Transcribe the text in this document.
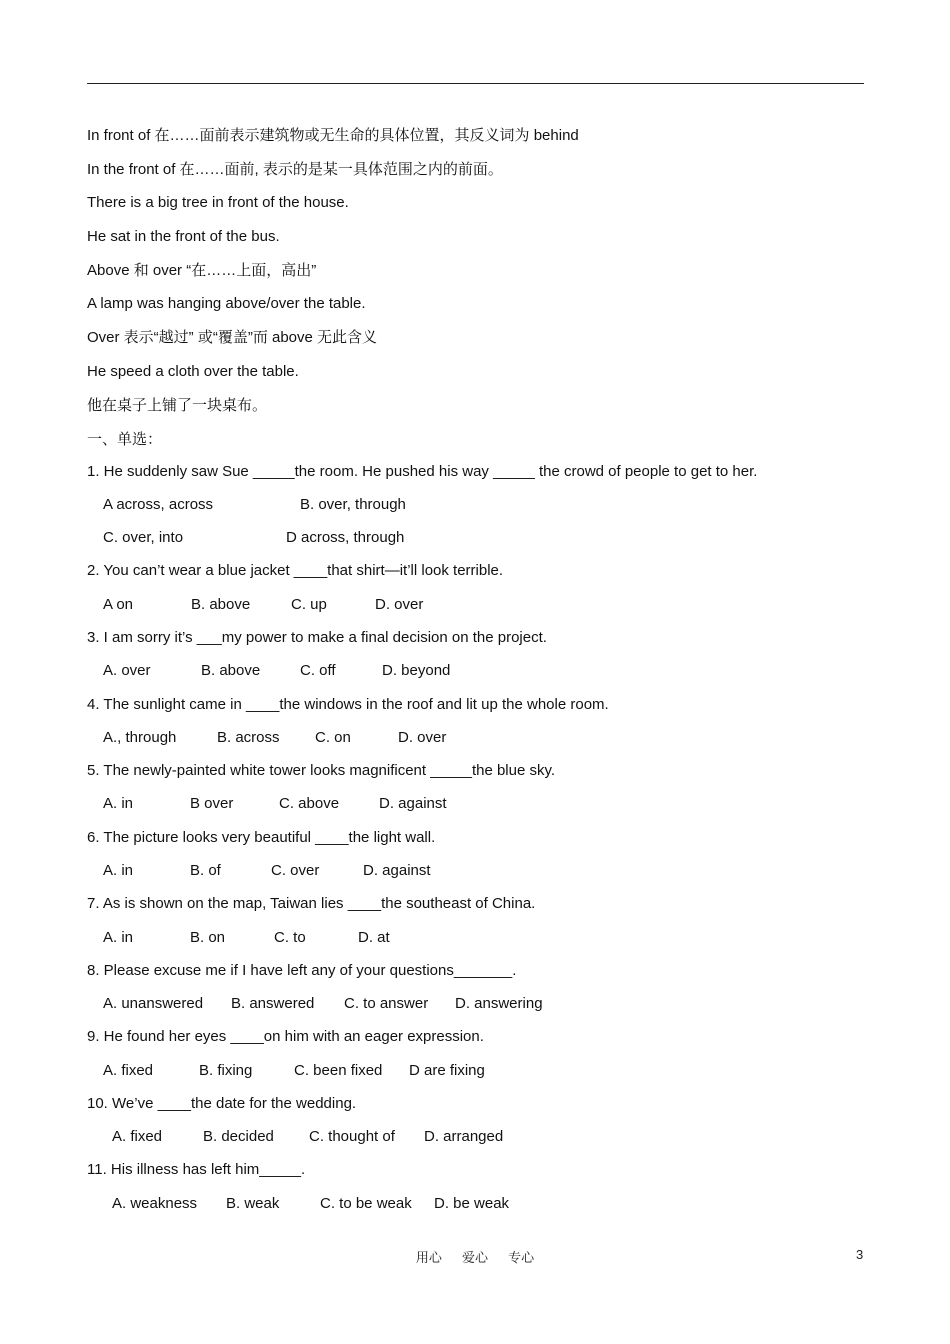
In front of 在……面前表示建筑物或无生命的具体位置，其反义词为 behind
In the front of 在……面前, 表示的是某一具体范围之内的前面。
There is a big tree in front of the house.
He sat in the front of the bus.
Above 和 over “在……上面，高出”
A lamp was hanging above/over the table.
Over 表示“越过” 或“覆盖”而 above 无此含义
He speed a cloth over the table.
他在桌子上铺了一块桌布。
一、单选：
1. He suddenly saw Sue _____the room. He pushed his way _____ the crowd of people to get to her.
A across, across	B. over, through
C. over, into	D across, through
2. You can’t wear a blue jacket ____that shirt—it’ll look terrible.
A on	B. above	C. up	D. over
3. I am sorry it’s ___my power to make a final decision on the project.
A. over	B. above	C. off	D. beyond
4. The sunlight came in ____the windows in the roof and lit up the whole room.
A., through	B. across C. on	D. over
5. The newly-painted white tower looks magnificent _____the blue sky.
A. in	B over	C. above	D. against
6. The picture looks very beautiful ____the light wall.
A. in	B. of	C. over	D. against
7. As is shown on the map, Taiwan lies ____the southeast of China.
A. in	B. on	C. to	D. at
8. Please excuse me if I have left any of your questions_______.
A. unanswered B. answered C. to answer D. answering
9. He found her eyes ____on him with an eager expression.
A. fixed	B. fixing	C. been fixed D are fixing
10. We’ve ____the date for the wedding.
A. fixed	B. decided C. thought of D. arranged
11. His illness has left him_____.
A. weakness B. weak	C. to be weak D. be weak
用心 爱心 专心	3
